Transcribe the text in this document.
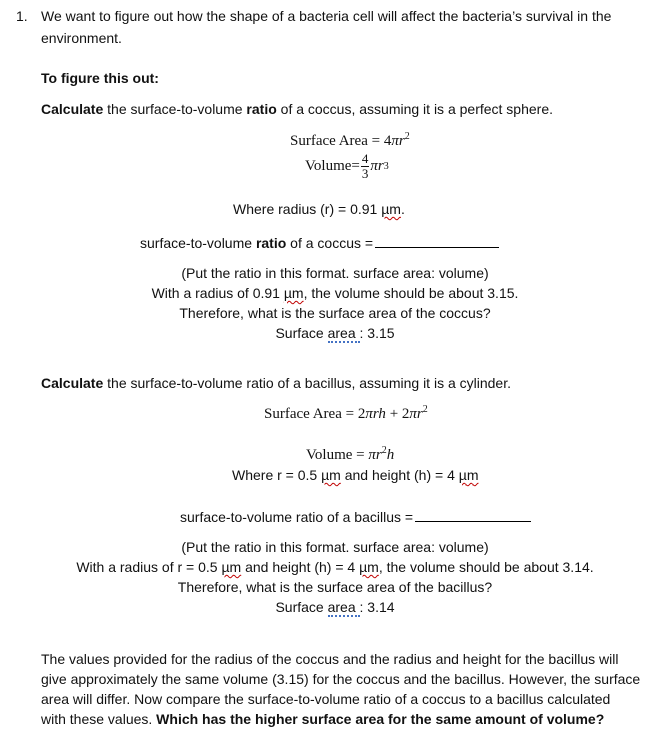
1. We want to figure out how the shape of a bacteria cell will affect the bacteria’s survival in the
environment.
To figure this out:
Calculate the surface-to-volume ratio of a coccus, assuming it is a perfect sphere.
Surface Area = $4\pi r^2$
Volume = $\frac{4}{3}$ πr 3
Where radius (r) = 0.91 µm.
surface-to-volume ratio of a coccus =
(Put the ratio in this format. surface area: volume)
With a radius of 0.91 µm, the volume should be about 3.15.
Therefore, what is the surface area of the coccus?
Surface area : 3.15
Calculate the surface-to-volume ratio of a bacillus, assuming it is a cylinder.
Surface Area = $2\pi rh + 2\pi r^2$
Volume = $\pi r^2h$
Where r = 0.5 µm and height (h) = 4 µm
surface-to-volume ratio of a bacillus =
(Put the ratio in this format. surface area: volume)
With a radius of r = 0.5 µm and height (h) = 4 µm, the volume should be about 3.14.
Therefore, what is the surface area of the bacillus?
Surface area : 3.14
The values provided for the radius of the coccus and the radius and height for the bacillus will
give approximately the same volume (3.15) for the coccus and the bacillus. However, the surface
area will differ. Now compare the surface-to-volume ratio of a coccus to a bacillus calculated
with these values. Which has the higher surface area for the same amount of volume?
